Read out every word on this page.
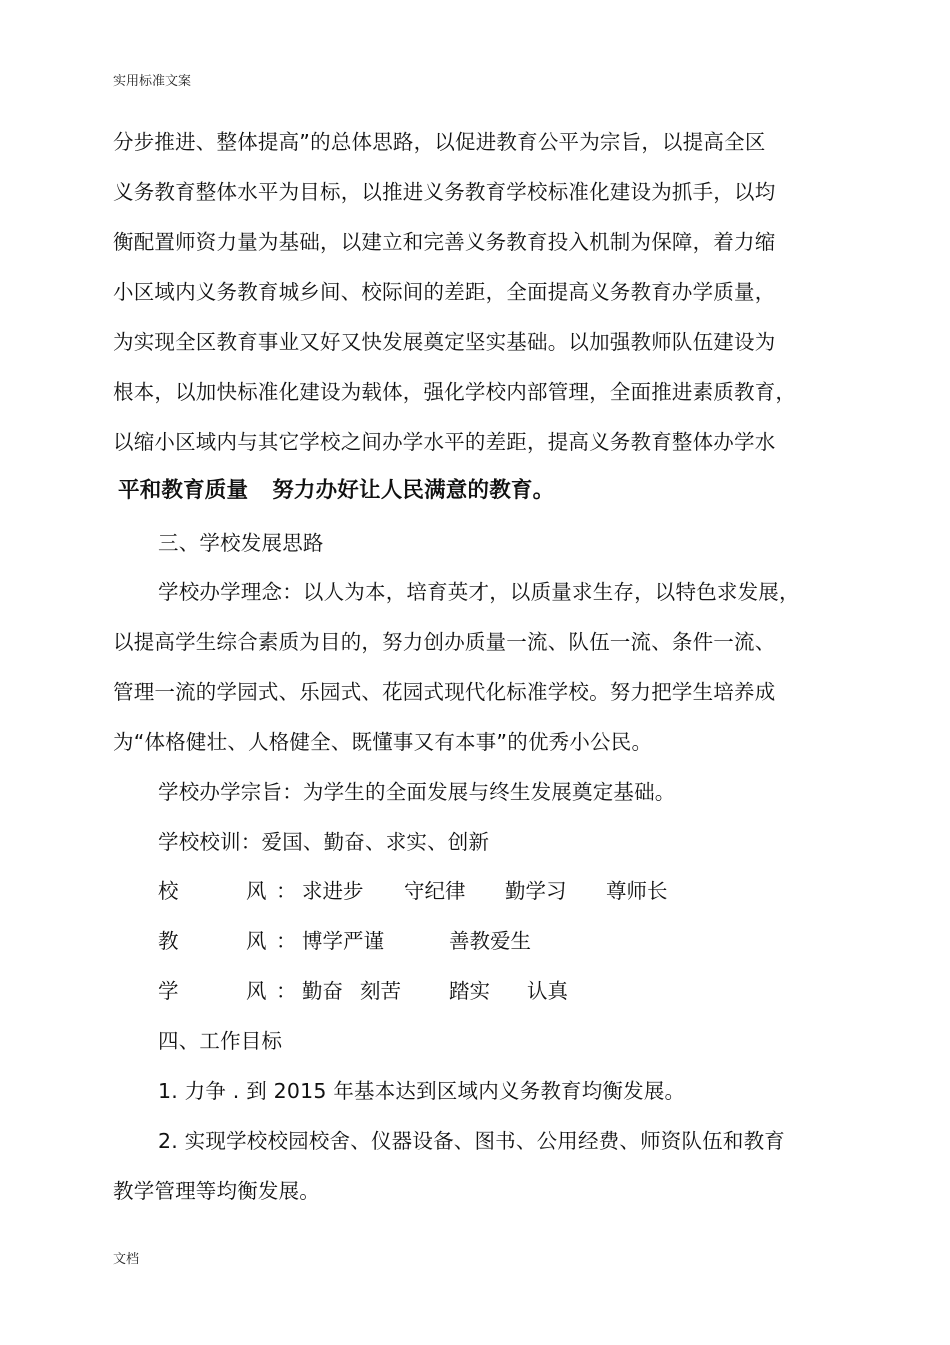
实用标准文案
分步推进、整体提高”的总体思路，以促进教育公平为宗旨，以提高全区
义务教育整体水平为目标，以推进义务教育学校标准化建设为抓手，以均
衡配置师资力量为基础，以建立和完善义务教育投入机制为保障，着力缩
小区域内义务教育城乡间、校际间的差距，全面提高义务教育办学质量，
为实现全区教育事业又好又快发展奠定坚实基础。以加强教师队伍建设为
根本，以加快标准化建设为载体，强化学校内部管理，全面推进素质教育，
以缩小区域内与其它学校之间办学水平的差距，提高义务教育整体办学水
平和教育质量 努力办好让人民满意的教育。
三、学校发展思路
学校办学理念：以人为本，培育英才，以质量求生存，以特色求发展，
以提高学生综合素质为目的，努力创办质量一流、队伍一流、条件一流、
管理一流的学园式、乐园式、花园式现代化标准学校。努力把学生培养成
为“体格健壮、人格健全、既懂事又有本事”的优秀小公民。
学校办学宗旨：为学生的全面发展与终生发展奠定基础。
学校校训：爱国、勤奋、求实、创新
校	风 ： 求进步 守纪律 勤学习 尊师长
教	风 ： 博学严谨	善教爱生
学	风 ： 勤奋 刻苦 踏实 认真
四、工作目标
1. 力争 . 到 2015 年基本达到区域内义务教育均衡发展。
2. 实现学校校园校舍、仪器设备、图书、公用经费、师资队伍和教育
教学管理等均衡发展。
文档
